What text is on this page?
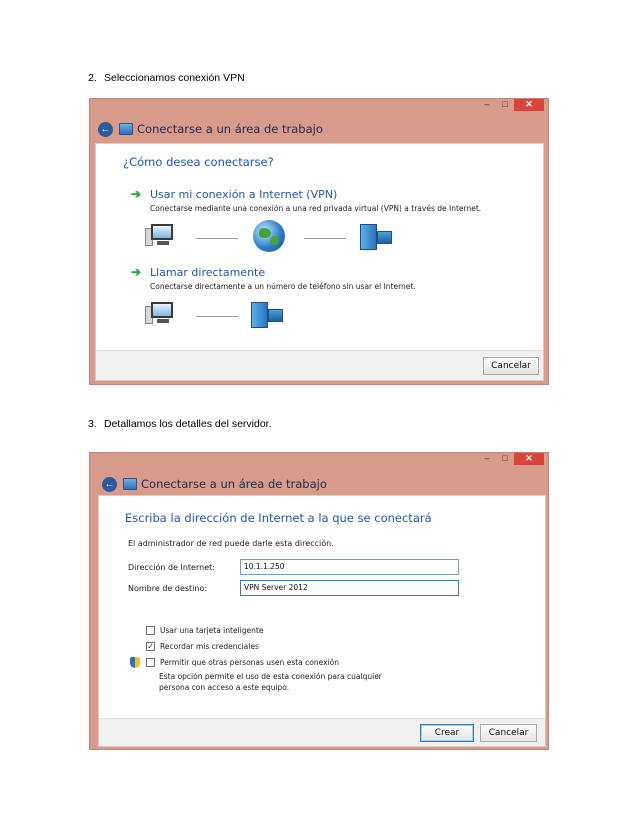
2. Seleccionamos conexión VPN
–	□	✕
← Conectarse a un área de trabajo
¿Cómo desea conectarse?
➔ Usar mi conexión a Internet (VPN)
Conectarse mediante una conexión a una red privada virtual (VPN) a través de Internet.
➔ Llamar directamente
Conectarse directamente a un número de teléfono sin usar el Internet.
Cancelar
3. Detallamos los detalles del servidor.
–	□	✕
← Conectarse a un área de trabajo
Escriba la dirección de Internet a la que se conectará
El administrador de red puede darle esta dirección.
Dirección de Internet:	10.1.1.250
Nombre de destino:	VPN Server 2012
Usar una tarjeta inteligente
✓ Recordar mis credenciales
Permitir que otras personas usen esta conexión
Esta opción permite el uso de esta conexión para cualquier
persona con acceso a este equipo.
Crear	Cancelar
